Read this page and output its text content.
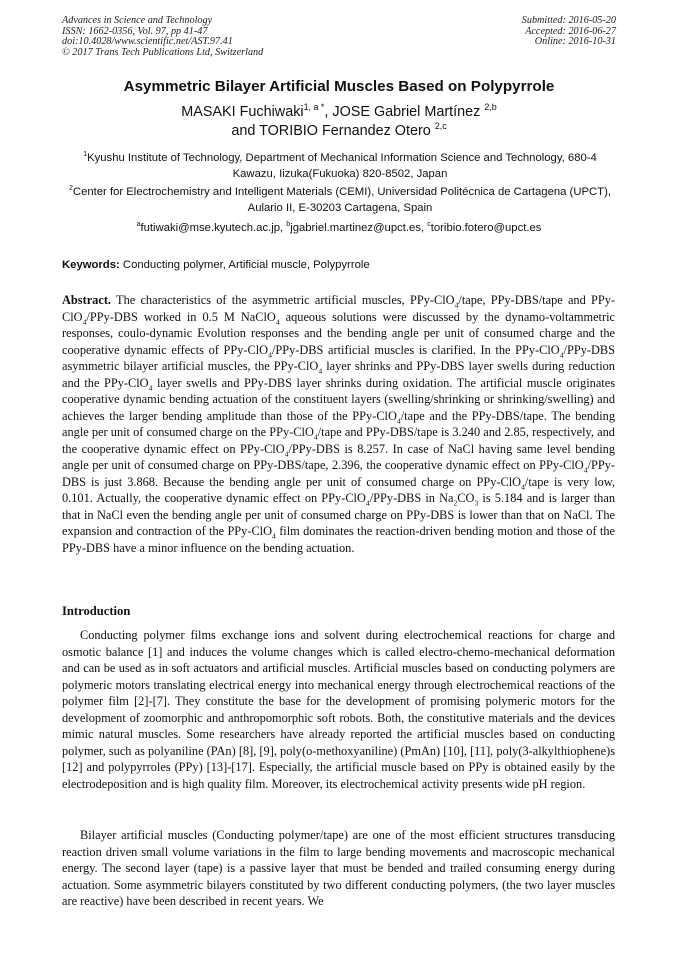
Advances in Science and Technology
ISSN: 1662-0356, Vol. 97, pp 41-47
doi:10.4028/www.scientific.net/AST.97.41
© 2017 Trans Tech Publications Ltd, Switzerland
Submitted: 2016-05-20
Accepted: 2016-06-27
Online: 2016-10-31
Asymmetric Bilayer Artificial Muscles Based on Polypyrrole
MASAKI Fuchiwaki$^{1, a *}$, JOSE Gabriel Martínez $^{2,b}$
and TORIBIO Fernandez Otero $^{2,c}$
$^1$Kyushu Institute of Technology, Department of Mechanical Information Science and Technology, 680-4 Kawazu, Iizuka(Fukuoka) 820-8502, Japan
$^2$Center for Electrochemistry and Intelligent Materials (CEMI), Universidad Politécnica de Cartagena (UPCT), Aulario II, E-30203 Cartagena, Spain
$^a$futiwaki@mse.kyutech.ac.jp, $^b$jgabriel.martinez@upct.es, $^c$toribio.fotero@upct.es
Keywords: Conducting polymer, Artificial muscle, Polypyrrole
Abstract. The characteristics of the asymmetric artificial muscles, PPy-ClO$_4$/tape, PPy-DBS/tape and PPy-ClO$_4$/PPy-DBS worked in 0.5 M NaClO$_4$ aqueous solutions were discussed by the dynamo-voltammetric responses, coulo-dynamic Evolution responses and the bending angle per unit of consumed charge and the cooperative dynamic effects of PPy-ClO$_4$/PPy-DBS artificial muscles is clarified. In the PPy-ClO$_4$/PPy-DBS asymmetric bilayer artificial muscles, the PPy-ClO$_4$ layer shrinks and PPy-DBS layer swells during reduction and the PPy-ClO$_4$ layer swells and PPy-DBS layer shrinks during oxidation. The artificial muscle originates cooperative dynamic bending actuation of the constituent layers (swelling/shrinking or shrinking/swelling) and achieves the larger bending amplitude than those of the PPy-ClO$_4$/tape and the PPy-DBS/tape. The bending angle per unit of consumed charge on the PPy-ClO$_4$/tape and PPy-DBS/tape is 3.240 and 2.85, respectively, and the cooperative dynamic effect on PPy-ClO$_4$/PPy-DBS is 8.257. In case of NaCl having same level bending angle per unit of consumed charge on PPy-DBS/tape, 2.396, the cooperative dynamic effect on PPy-ClO$_4$/PPy-DBS is just 3.868. Because the bending angle per unit of consumed charge on PPy-ClO$_4$/tape is very low, 0.101. Actually, the cooperative dynamic effect on PPy-ClO$_4$/PPy-DBS in $Na_2CO_3$ is 5.184 and is larger than that in NaCl even the bending angle per unit of consumed charge on PPy-DBS is lower than that on NaCl. The expansion and contraction of the PPy-ClO$_4$ film dominates the reaction-driven bending motion and those of the PPy-DBS have a minor influence on the bending actuation.
Introduction
Conducting polymer films exchange ions and solvent during electrochemical reactions for charge and osmotic balance [1] and induces the volume changes which is called electro-chemo-mechanical deformation and can be used as in soft actuators and artificial muscles. Artificial muscles based on conducting polymers are polymeric motors translating electrical energy into mechanical energy through electrochemical reactions of the polymer film [2]-[7]. They constitute the base for the development of promising polymeric motors for the development of zoomorphic and anthropomorphic soft robots. Both, the constitutive materials and the devices mimic natural muscles. Some researchers have already reported the artificial muscles based on conducting polymer, such as polyaniline (PAn) [8], [9], poly(o-methoxyaniline) (PmAn) [10], [11], poly(3-alkylthiophene)s [12] and polypyrroles (PPy) [13]-[17]. Especially, the artificial muscle based on PPy is obtained easily by the electrodeposition and is high quality film. Moreover, its electrochemical activity presents wide pH region.
Bilayer artificial muscles (Conducting polymer/tape) are one of the most efficient structures transducing reaction driven small volume variations in the film to large bending movements and macroscopic mechanical energy. The second layer (tape) is a passive layer that must be bended and trailed consuming energy during actuation. Some asymmetric bilayers constituted by two different conducting polymers, (the two layer muscles are reactive) have been described in recent years. We
